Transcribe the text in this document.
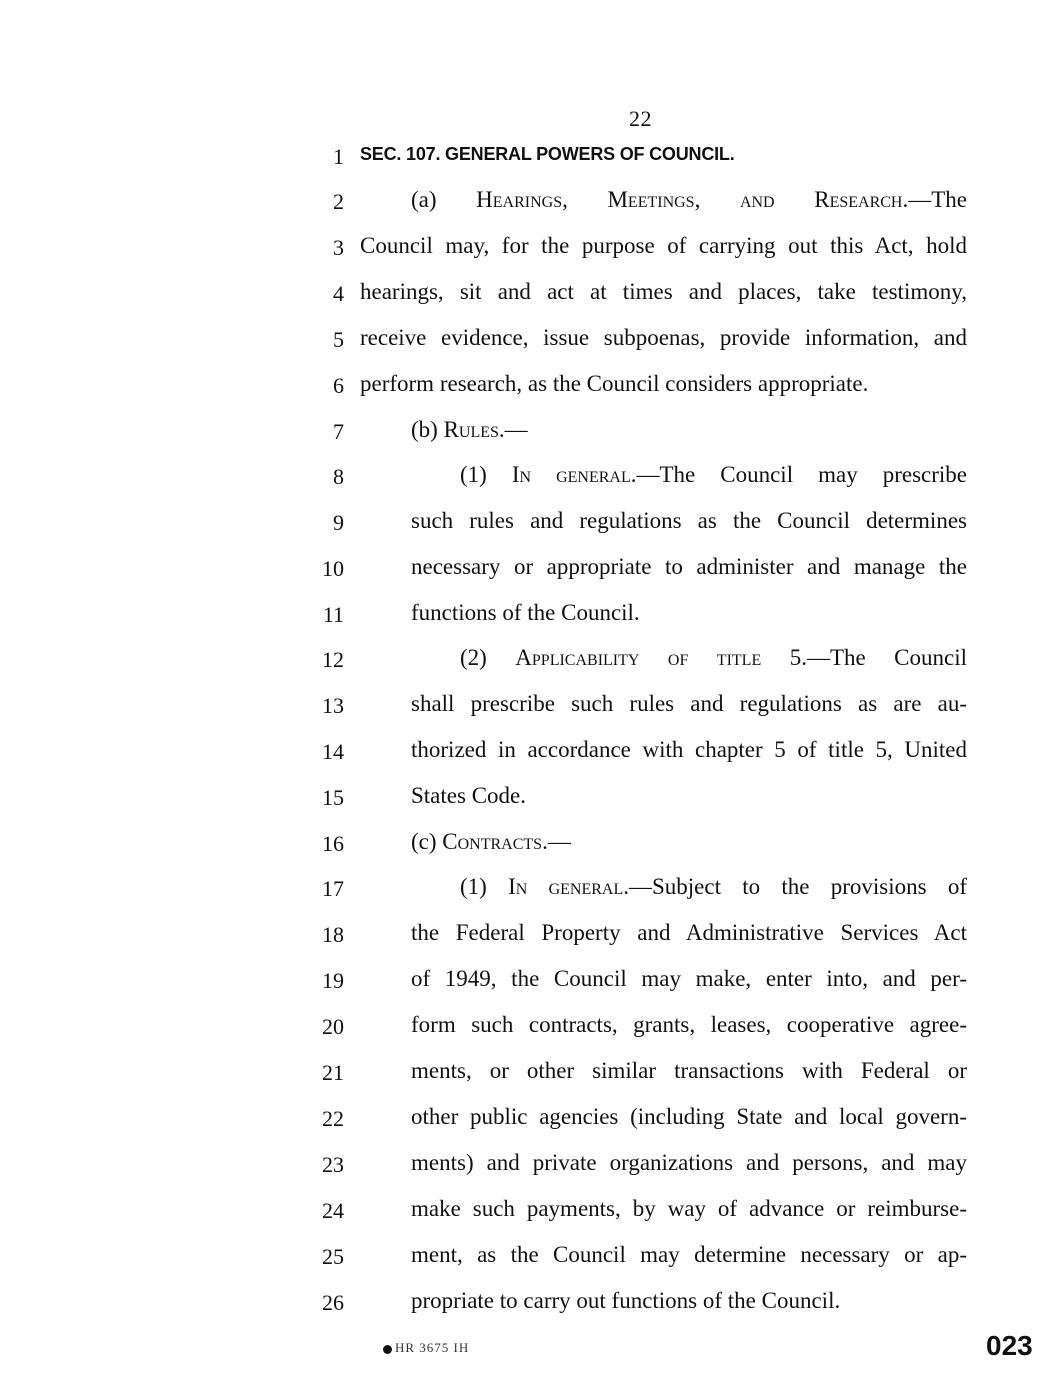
22
1 SEC. 107. GENERAL POWERS OF COUNCIL.
2	(a) Hearings, Meetings, and Research.—The
3 Council may, for the purpose of carrying out this Act, hold
4 hearings, sit and act at times and places, take testimony,
5 receive evidence, issue subpoenas, provide information, and
6 perform research, as the Council considers appropriate.
7	(b) Rules.—
8	(1) In general.—The Council may prescribe
9	such rules and regulations as the Council determines
10	necessary or appropriate to administer and manage the
11	functions of the Council.
12	(2) Applicability of title 5.—The Council
13	shall prescribe such rules and regulations as are au-
14	thorized in accordance with chapter 5 of title 5, United
15	States Code.
16	(c) Contracts.—
17	(1) In general.—Subject to the provisions of
18	the Federal Property and Administrative Services Act
19	of 1949, the Council may make, enter into, and per-
20	form such contracts, grants, leases, cooperative agree-
21	ments, or other similar transactions with Federal or
22	other public agencies (including State and local govern-
23	ments) and private organizations and persons, and may
24	make such payments, by way of advance or reimburse-
25	ment, as the Council may determine necessary or ap-
26	propriate to carry out functions of the Council.
HR 3675 IH	023
